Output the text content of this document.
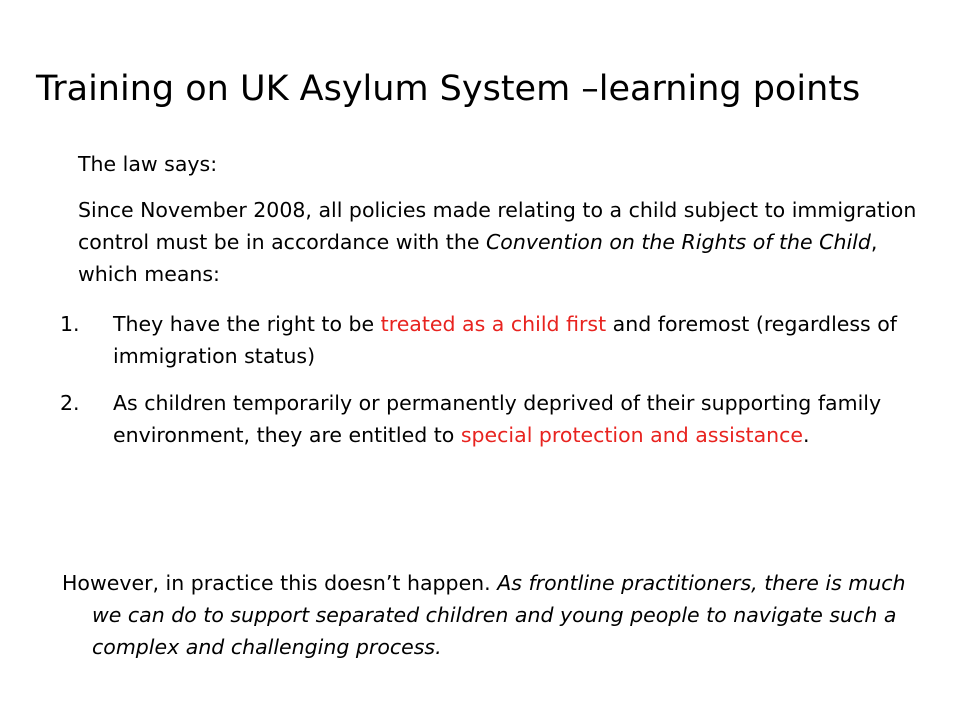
Training on UK Asylum System –learning points

The law says:

Since November 2008, all policies made relating to a child subject to immigration control must be in accordance with the Convention on the Rights of the Child, which means:

1. They have the right to be treated as a child first and foremost (regardless of immigration status)
2. As children temporarily or permanently deprived of their supporting family environment, they are entitled to special protection and assistance.

However, in practice this doesn’t happen. As frontline practitioners, there is much we can do to support separated children and young people to navigate such a complex and challenging process.
